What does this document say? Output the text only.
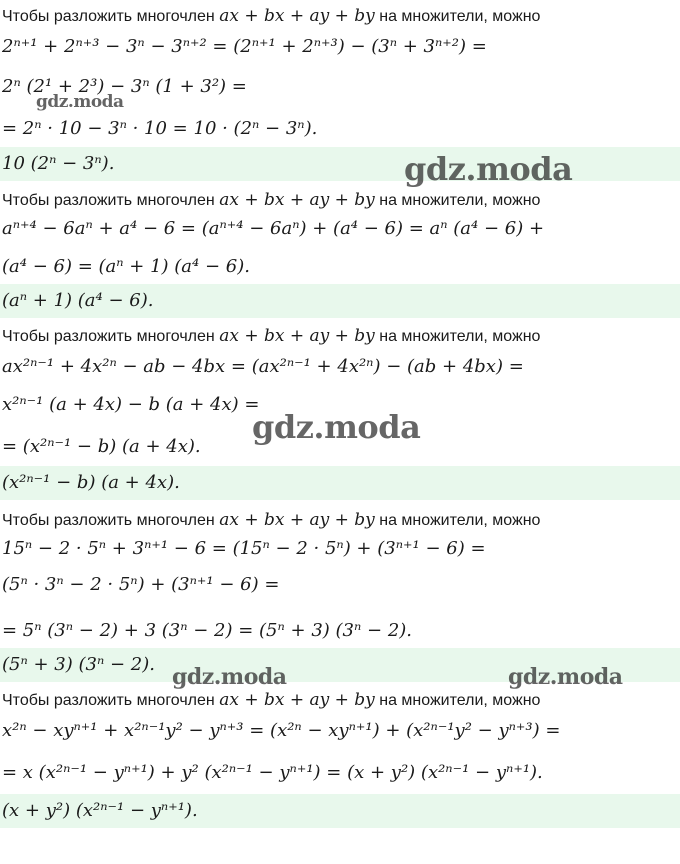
Чтобы разложить многочлен ax + bx + ay + by на множители, можно
2ⁿ⁺¹ + 2ⁿ⁺³ − 3ⁿ − 3ⁿ⁺² = (2ⁿ⁺¹ + 2ⁿ⁺³) − (3ⁿ + 3ⁿ⁺²) =
2ⁿ (2¹ + 2³) − 3ⁿ (1 + 3²) =
= 2ⁿ · 10 − 3ⁿ · 10 = 10 · (2ⁿ − 3ⁿ).
10 (2ⁿ − 3ⁿ).
Чтобы разложить многочлен ax + bx + ay + by на множители, можно
aⁿ⁺⁴ − 6aⁿ + a⁴ − 6 = (aⁿ⁺⁴ − 6aⁿ) + (a⁴ − 6) = aⁿ (a⁴ − 6) +
(a⁴ − 6) = (aⁿ + 1) (a⁴ − 6).
(aⁿ + 1) (a⁴ − 6).
Чтобы разложить многочлен ax + bx + ay + by на множители, можно
ax²ⁿ⁻¹ + 4x²ⁿ − ab − 4bx = (ax²ⁿ⁻¹ + 4x²ⁿ) − (ab + 4bx) =
x²ⁿ⁻¹ (a + 4x) − b (a + 4x) =
= (x²ⁿ⁻¹ − b) (a + 4x).
(x²ⁿ⁻¹ − b) (a + 4x).
Чтобы разложить многочлен ax + bx + ay + by на множители, можно
15ⁿ − 2 · 5ⁿ + 3ⁿ⁺¹ − 6 = (15ⁿ − 2 · 5ⁿ) + (3ⁿ⁺¹ − 6) =
(5ⁿ · 3ⁿ − 2 · 5ⁿ) + (3ⁿ⁺¹ − 6) =
= 5ⁿ (3ⁿ − 2) + 3 (3ⁿ − 2) = (5ⁿ + 3) (3ⁿ − 2).
(5ⁿ + 3) (3ⁿ − 2).
Чтобы разложить многочлен ax + bx + ay + by на множители, можно
x²ⁿ − xyⁿ⁺¹ + x²ⁿ⁻¹y² − yⁿ⁺³ = (x²ⁿ − xyⁿ⁺¹) + (x²ⁿ⁻¹y² − yⁿ⁺³) =
= x (x²ⁿ⁻¹ − yⁿ⁺¹) + y² (x²ⁿ⁻¹ − yⁿ⁺¹) = (x + y²) (x²ⁿ⁻¹ − yⁿ⁺¹).
(x + y²) (x²ⁿ⁻¹ − yⁿ⁺¹).
gdz.moda
gdz.moda
gdz.moda
gdz.moda	gdz.moda
